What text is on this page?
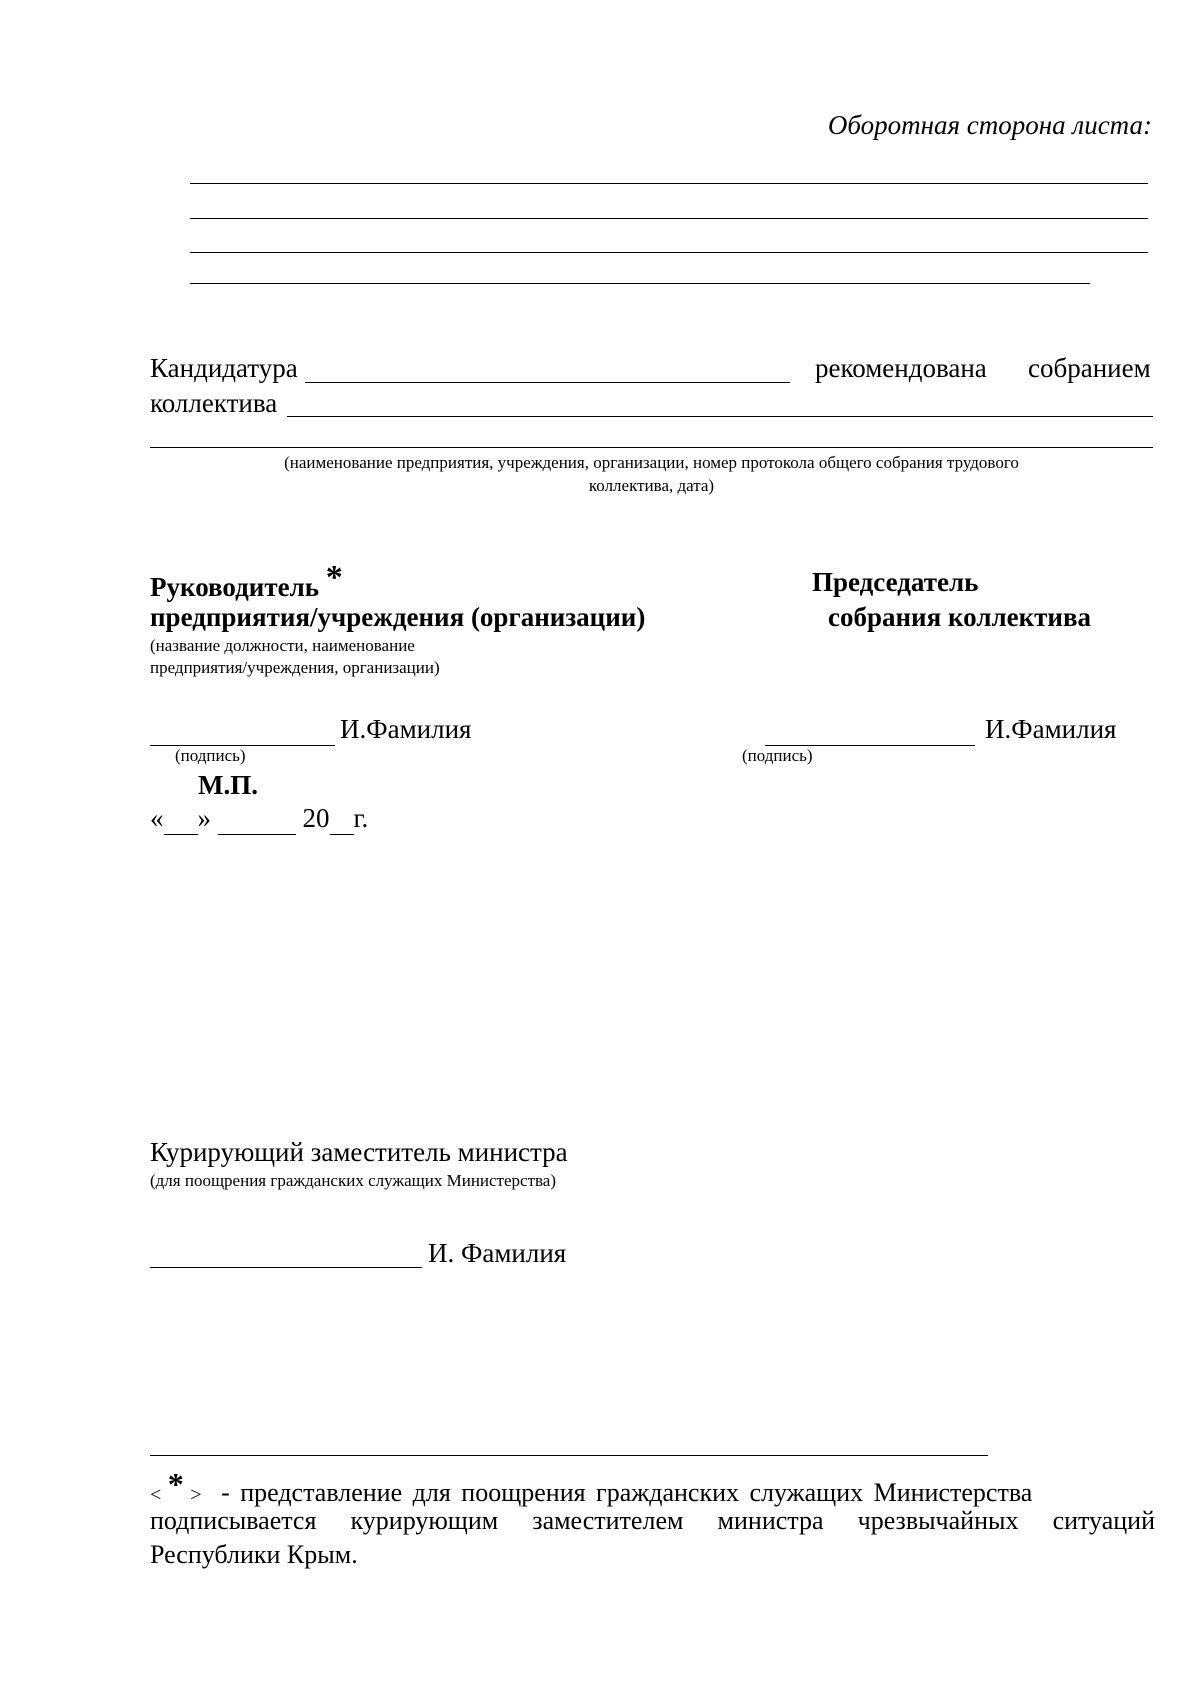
Оборотная сторона листа:
Кандидатура	рекомендована собранием
коллектива
(наименование предприятия, учреждения, организации, номер протокола общего собрания трудового
коллектива, дата)
Руководитель *
предприятия/учреждения (организации)
(название должности, наименование
предприятия/учреждения, организации)
И.Фамилия
(подпись)
М.П.
« »	20 г.
Председатель
собрания коллектива
И.Фамилия
(подпись)
Курирующий заместитель министра
(для поощрения гражданских служащих Министерства)
И. Фамилия
< * > - представление для поощрения гражданских служащих Министерства
подписывается курирующим заместителем министра чрезвычайных ситуаций
Республики Крым.
